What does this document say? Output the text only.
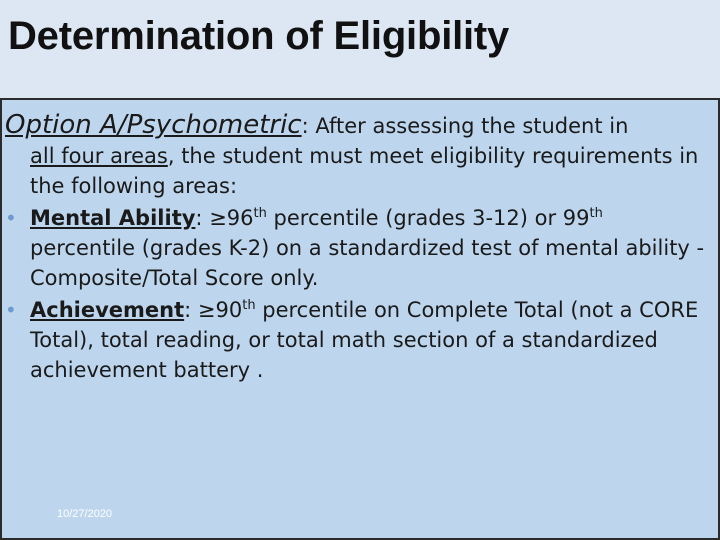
Determination of Eligibility
Option A/Psychometric: After assessing the student in
all four areas, the student must meet eligibility requirements in the following areas:
• Mental Ability: ≥96th percentile (grades 3-12) or 99th percentile (grades K-2) on a standardized test of mental ability - Composite/Total Score only.
• Achievement: ≥90th percentile on Complete Total (not a CORE Total), total reading, or total math section of a standardized achievement battery .
10/27/2020
